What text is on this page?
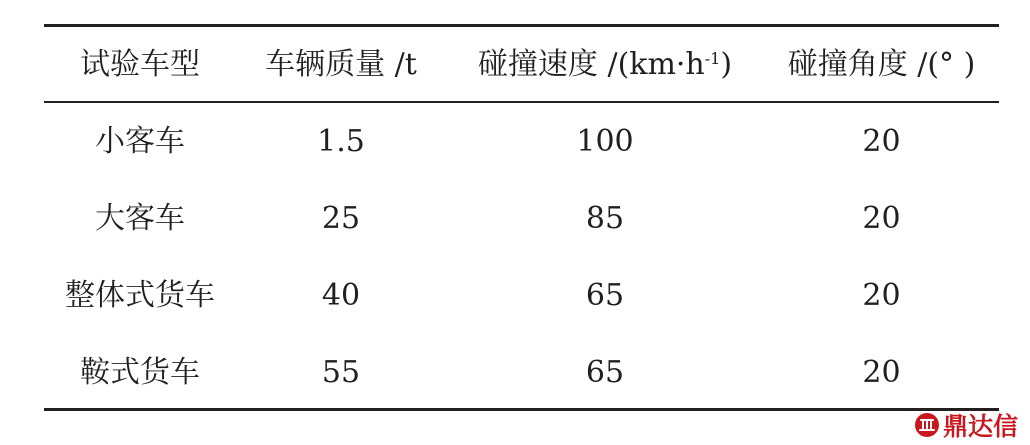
试验车型	车辆质量 /t	碰撞速度 $/(km\cdot h^{-1})$	碰撞角度 /(° )
小客车	1.5	100	20
大客车	25	85	20
整体式货车	40	65	20
鞍式货车	55	65	20
鼎达信
